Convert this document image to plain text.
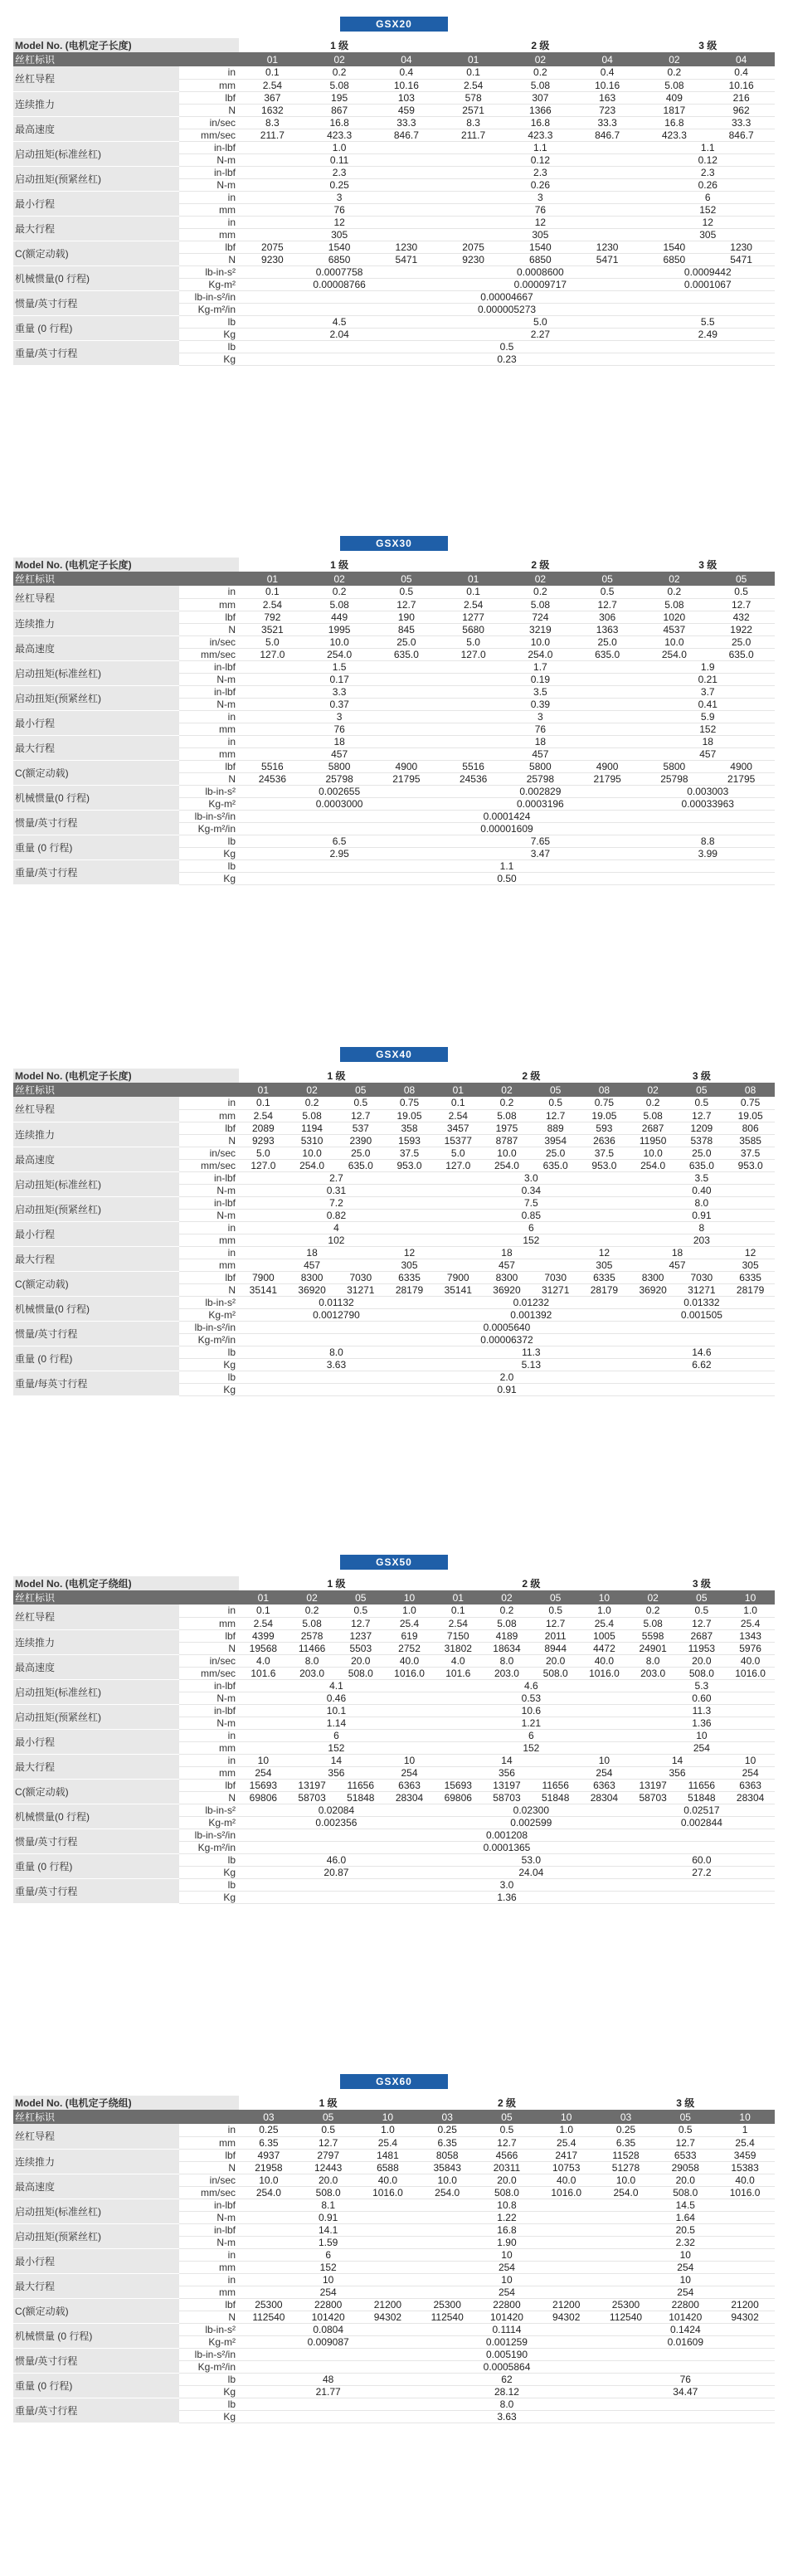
GSX20
Model No. (电机定子长度)		1 级			2 级			3 级	
丝杠标识		01	02	04	01	02	04	02	04
丝杠导程	in	0.1	0.2	0.4	0.1	0.2	0.4	0.2	0.4
	mm	2.54	5.08	10.16	2.54	5.08	10.16	5.08	10.16
连续推力	lbf	367	195	103	578	307	163	409	216
	N	1632	867	459	2571	1366	723	1817	962
最高速度	in/sec	8.3	16.8	33.3	8.3	16.8	33.3	16.8	33.3
	mm/sec	211.7	423.3	846.7	211.7	423.3	846.7	423.3	846.7
启动扭矩(标准丝杠)	in-lbf	1.0			1.1			1.1	
	N-m	0.11			0.12			0.12	
启动扭矩(预紧丝杠)	in-lbf	2.3			2.3			2.3	
	N-m	0.25			0.26			0.26	
最小行程	in	3			3			6	
	mm	76			76			152	
最大行程	in	12			12			12	
	mm	305			305			305	
C(额定动载)	lbf	2075	1540	1230	2075	1540	1230	1540	1230
	N	9230	6850	5471	9230	6850	5471	6850	5471
机械惯量(0 行程)	lb-in-s²	0.0007758			0.0008600			0.0009442	
	Kg-m²	0.00008766			0.00009717			0.0001067	
惯量/英寸行程	lb-in-s²/in	0.00004667							
	Kg-m²/in	0.000005273							
重量 (0 行程)	lb	4.5			5.0			5.5	
	Kg	2.04			2.27			2.49	
重量/英寸行程	lb	0.5							
	Kg	0.23							
GSX30
Model No. (电机定子长度)		1 级			2 级			3 级	
丝杠标识		01	02	05	01	02	05	02	05
丝杠导程	in	0.1	0.2	0.5	0.1	0.2	0.5	0.2	0.5
	mm	2.54	5.08	12.7	2.54	5.08	12.7	5.08	12.7
连续推力	lbf	792	449	190	1277	724	306	1020	432
	N	3521	1995	845	5680	3219	1363	4537	1922
最高速度	in/sec	5.0	10.0	25.0	5.0	10.0	25.0	10.0	25.0
	mm/sec	127.0	254.0	635.0	127.0	254.0	635.0	254.0	635.0
启动扭矩(标准丝杠)	in-lbf	1.5			1.7			1.9	
	N-m	0.17			0.19			0.21	
启动扭矩(预紧丝杠)	in-lbf	3.3			3.5			3.7	
	N-m	0.37			0.39			0.41	
最小行程	in	3			3			5.9	
	mm	76			76			152	
最大行程	in	18			18			18	
	mm	457			457			457	
C(额定动载)	lbf	5516	5800	4900	5516	5800	4900	5800	4900
	N	24536	25798	21795	24536	25798	21795	25798	21795
机械惯量(0 行程)	lb-in-s²	0.002655			0.002829			0.003003	
	Kg-m²	0.0003000			0.0003196			0.00033963	
惯量/英寸行程	lb-in-s²/in	0.0001424							
	Kg-m²/in	0.00001609							
重量 (0 行程)	lb	6.5			7.65			8.8	
	Kg	2.95			3.47			3.99	
重量/英寸行程	lb	1.1							
	Kg	0.50							
GSX40
Model No. (电机定子长度)		1 级				2 级				3 级		
丝杠标识		01	02	05	08	01	02	05	08	02	05	08
丝杠导程	in	0.1	0.2	0.5	0.75	0.1	0.2	0.5	0.75	0.2	0.5	0.75
	mm	2.54	5.08	12.7	19.05	2.54	5.08	12.7	19.05	5.08	12.7	19.05
连续推力	lbf	2089	1194	537	358	3457	1975	889	593	2687	1209	806
	N	9293	5310	2390	1593	15377	8787	3954	2636	11950	5378	3585
最高速度	in/sec	5.0	10.0	25.0	37.5	5.0	10.0	25.0	37.5	10.0	25.0	37.5
	mm/sec	127.0	254.0	635.0	953.0	127.0	254.0	635.0	953.0	254.0	635.0	953.0
启动扭矩(标准丝杠)	in-lbf	2.7				3.0				3.5		
	N-m	0.31				0.34				0.40		
启动扭矩(预紧丝杠)	in-lbf	7.2				7.5				8.0		
	N-m	0.82				0.85				0.91		
最小行程	in	4				6				8		
	mm	102				152				203		
最大行程	in	18			12	18			12	18		12
	mm	457			305	457			305	457		305
C(额定动载)	lbf	7900	8300	7030	6335	7900	8300	7030	6335	8300	7030	6335
	N	35141	36920	31271	28179	35141	36920	31271	28179	36920	31271	28179
机械惯量(0 行程)	lb-in-s²	0.01132				0.01232				0.01332		
	Kg-m²	0.0012790				0.001392				0.001505		
惯量/英寸行程	lb-in-s²/in	0.0005640										
	Kg-m²/in	0.00006372										
重量 (0 行程)	lb	8.0				11.3				14.6		
	Kg	3.63				5.13				6.62		
重量/每英寸行程	lb	2.0										
	Kg	0.91										
GSX50
Model No. (电机定子绕组)		1 级				2 级				3 级		
丝杠标识		01	02	05	10	01	02	05	10	02	05	10
丝杠导程	in	0.1	0.2	0.5	1.0	0.1	0.2	0.5	1.0	0.2	0.5	1.0
	mm	2.54	5.08	12.7	25.4	2.54	5.08	12.7	25.4	5.08	12.7	25.4
连续推力	lbf	4399	2578	1237	619	7150	4189	2011	1005	5598	2687	1343
	N	19568	11466	5503	2752	31802	18634	8944	4472	24901	11953	5976
最高速度	in/sec	4.0	8.0	20.0	40.0	4.0	8.0	20.0	40.0	8.0	20.0	40.0
	mm/sec	101.6	203.0	508.0	1016.0	101.6	203.0	508.0	1016.0	203.0	508.0	1016.0
启动扭矩(标准丝杠)	in-lbf	4.1				4.6				5.3		
	N-m	0.46				0.53				0.60		
启动扭矩(预紧丝杠)	in-lbf	10.1				10.6				11.3		
	N-m	1.14				1.21				1.36		
最小行程	in	6				6				10		
	mm	152				152				254		
最大行程	in	10	14		10	14			10	14		10
	mm	254	356		254	356			254	356		254
C(额定动载)	lbf	15693	13197	11656	6363	15693	13197	11656	6363	13197	11656	6363
	N	69806	58703	51848	28304	69806	58703	51848	28304	58703	51848	28304
机械惯量(0 行程)	lb-in-s²	0.02084				0.02300				0.02517		
	Kg-m²	0.002356				0.002599				0.002844		
惯量/英寸行程	lb-in-s²/in	0.001208										
	Kg-m²/in	0.0001365										
重量 (0 行程)	lb	46.0				53.0				60.0		
	Kg	20.87				24.04				27.2		
重量/英寸行程	lb	3.0										
	Kg	1.36										
GSX60
Model No. (电机定子绕组)		1 级			2 级			3 级		
丝杠标识		03	05	10	03	05	10	03	05	10
丝杠导程	in	0.25	0.5	1.0	0.25	0.5	1.0	0.25	0.5	1
	mm	6.35	12.7	25.4	6.35	12.7	25.4	6.35	12.7	25.4
连续推力	lbf	4937	2797	1481	8058	4566	2417	11528	6533	3459
	N	21958	12443	6588	35843	20311	10753	51278	29058	15383
最高速度	in/sec	10.0	20.0	40.0	10.0	20.0	40.0	10.0	20.0	40.0
	mm/sec	254.0	508.0	1016.0	254.0	508.0	1016.0	254.0	508.0	1016.0
启动扭矩(标准丝杠)	in-lbf	8.1			10.8			14.5		
	N-m	0.91			1.22			1.64		
启动扭矩(预紧丝杠)	in-lbf	14.1			16.8			20.5		
	N-m	1.59			1.90			2.32		
最小行程	in	6			10			10		
	mm	152			254			254		
最大行程	in	10			10			10		
	mm	254			254			254		
C(额定动载)	lbf	25300	22800	21200	25300	22800	21200	25300	22800	21200
	N	112540	101420	94302	112540	101420	94302	112540	101420	94302
机械惯量 (0 行程)	lb-in-s²	0.0804			0.1114			0.1424		
	Kg-m²	0.009087			0.001259			0.01609		
惯量/英寸行程	lb-in-s²/in	0.005190								
	Kg-m²/in	0.0005864								
重量 (0 行程)	lb	48			62			76		
	Kg	21.77			28.12			34.47		
重量/英寸行程	lb	8.0								
	Kg	3.63								
